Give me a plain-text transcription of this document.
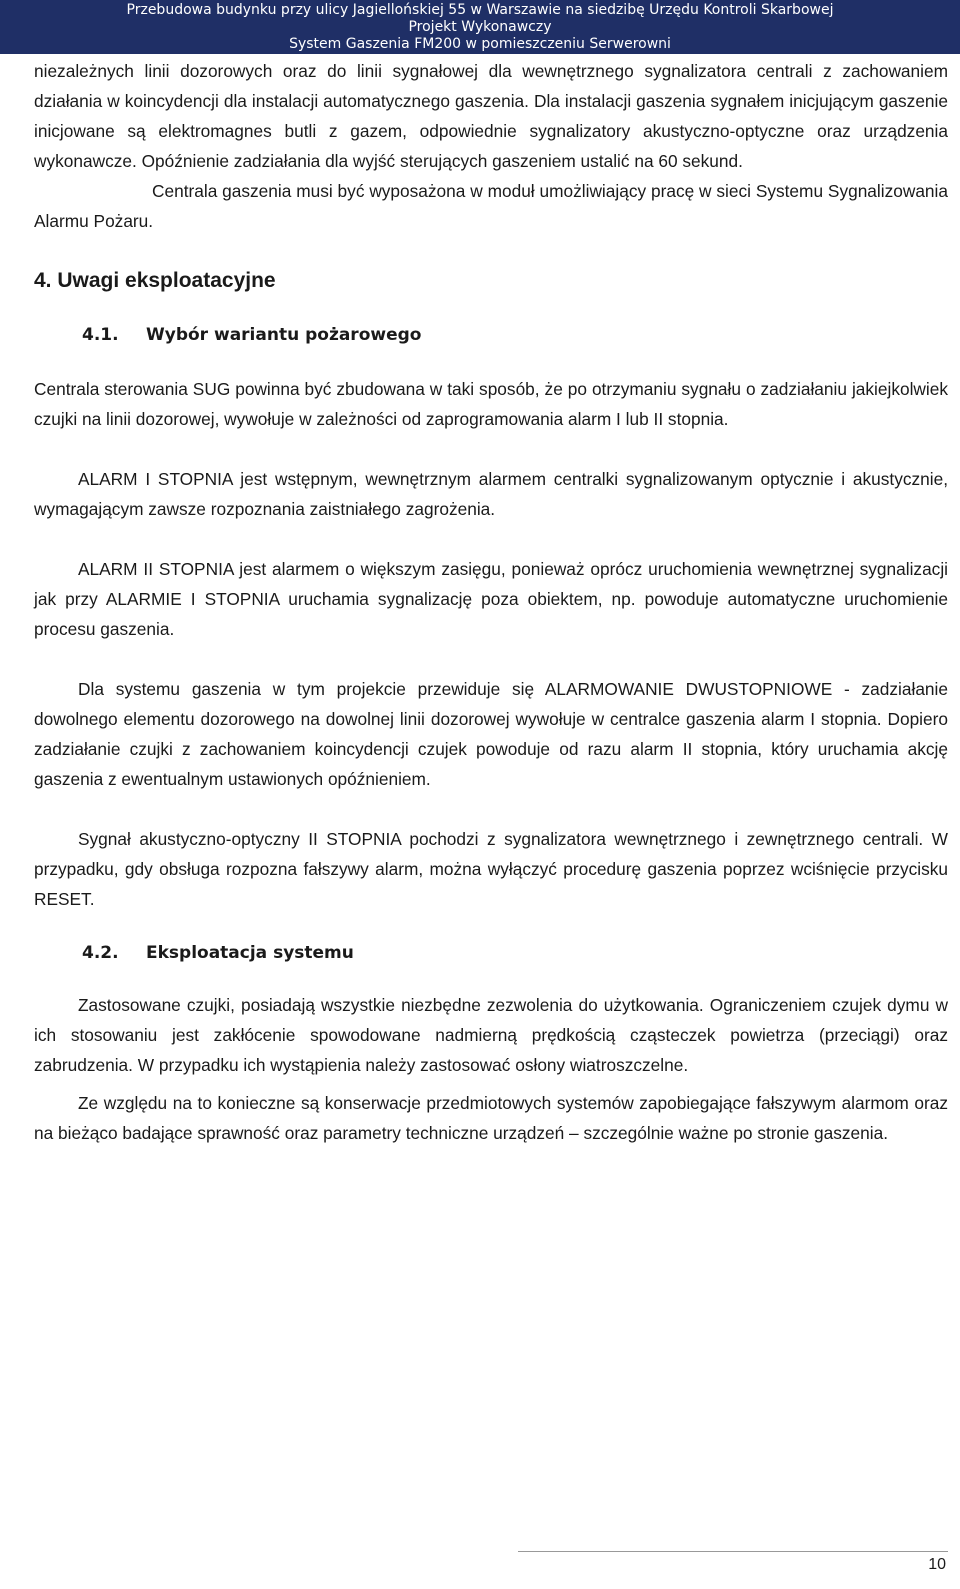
Przebudowa budynku przy ulicy Jagiellońskiej 55 w Warszawie na siedzibę Urzędu Kontroli Skarbowej
Projekt Wykonawczy
System Gaszenia FM200 w pomieszczeniu Serwerowni

niezależnych linii dozorowych oraz do linii sygnałowej dla wewnętrznego sygnalizatora centrali z zachowaniem działania w koincydencji dla instalacji automatycznego gaszenia. Dla instalacji gaszenia sygnałem inicjującym gaszenie inicjowane są elektromagnes butli z gazem, odpowiednie sygnalizatory akustyczno-optyczne oraz urządzenia wykonawcze. Opóźnienie zadziałania dla wyjść sterujących gaszeniem ustalić na 60 sekund.

Centrala gaszenia musi być wyposażona w moduł umożliwiający pracę w sieci Systemu Sygnalizowania Alarmu Pożaru.

4. Uwagi eksploatacyjne
4.1.	Wybór wariantu pożarowego

Centrala sterowania SUG powinna być zbudowana w taki sposób, że po otrzymaniu sygnału o zadziałaniu jakiejkolwiek czujki na linii dozorowej, wywołuje w zależności od zaprogramowania alarm I lub II stopnia.

ALARM I STOPNIA jest wstępnym, wewnętrznym alarmem centralki sygnalizowanym optycznie i akustycznie, wymagającym zawsze rozpoznania zaistniałego zagrożenia.

ALARM II STOPNIA jest alarmem o większym zasięgu, ponieważ oprócz uruchomienia wewnętrznej sygnalizacji jak przy ALARMIE I STOPNIA uruchamia sygnalizację poza obiektem, np. powoduje automatyczne uruchomienie procesu gaszenia.

Dla systemu gaszenia w tym projekcie przewiduje się ALARMOWANIE DWUSTOPNIOWE - zadziałanie dowolnego elementu dozorowego na dowolnej linii dozorowej wywołuje w centralce gaszenia alarm I stopnia. Dopiero zadziałanie czujki z zachowaniem koincydencji czujek powoduje od razu alarm II stopnia, który uruchamia akcję gaszenia z ewentualnym ustawionych opóźnieniem.

Sygnał akustyczno-optyczny II STOPNIA pochodzi z sygnalizatora wewnętrznego i zewnętrznego centrali. W przypadku, gdy obsługa rozpozna fałszywy alarm, można wyłączyć procedurę gaszenia poprzez wciśnięcie przycisku RESET.

4.2.	Eksploatacja systemu

Zastosowane czujki, posiadają wszystkie niezbędne zezwolenia do użytkowania. Ograniczeniem czujek dymu w ich stosowaniu jest zakłócenie spowodowane nadmierną prędkością cząsteczek powietrza (przeciągi) oraz zabrudzenia. W przypadku ich wystąpienia należy zastosować osłony wiatroszczelne.

Ze względu na to konieczne są konserwacje przedmiotowych systemów zapobiegające fałszywym alarmom oraz na bieżąco badające sprawność oraz parametry techniczne urządzeń – szczególnie ważne po stronie gaszenia.

10
